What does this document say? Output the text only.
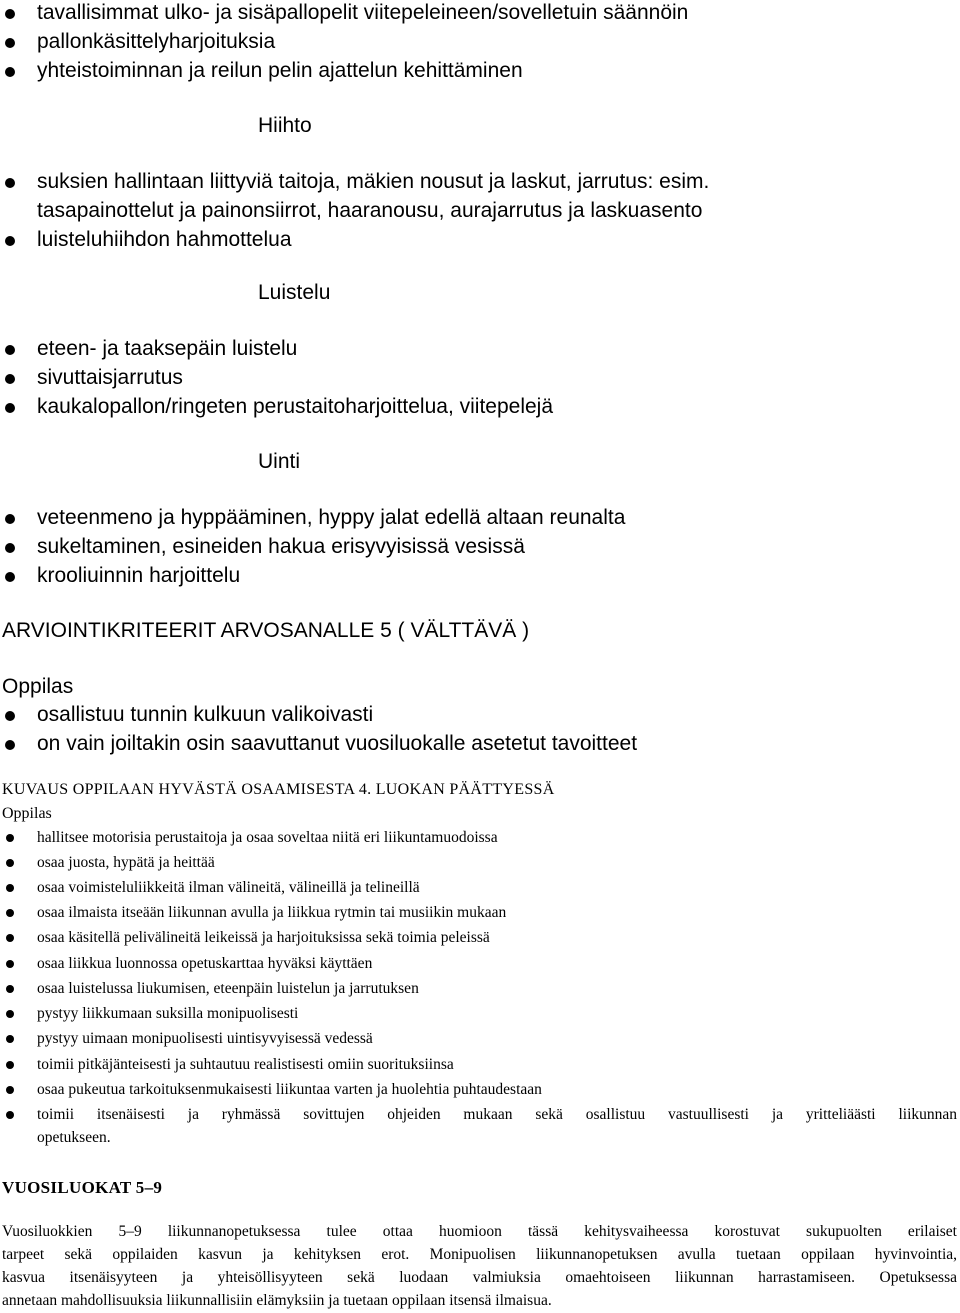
tavallisimmat ulko- ja sisäpallopelit viitepeleineen/sovelletuin säännöin
pallonkäsittelyharjoituksia
yhteistoiminnan ja reilun pelin ajattelun kehittäminen
Hiihto
suksien hallintaan liittyviä taitoja, mäkien nousut ja laskut, jarrutus: esim.
tasapainottelut ja painonsiirrot, haaranousu, aurajarrutus ja laskuasento
luisteluhiihdon hahmottelua
Luistelu
eteen- ja taaksepäin luistelu
sivuttaisjarrutus
kaukalopallon/ringeten perustaitoharjoittelua, viitepelejä
Uinti
veteenmeno ja hyppääminen, hyppy jalat edellä altaan reunalta
sukeltaminen, esineiden hakua erisyvyisissä vesissä
krooliuinnin harjoittelu
ARVIOINTIKRITEERIT ARVOSANALLE 5 ( VÄLTTÄVÄ )
Oppilas
osallistuu tunnin kulkuun valikoivasti
on vain joiltakin osin saavuttanut vuosiluokalle asetetut tavoitteet
KUVAUS OPPILAAN HYVÄSTÄ OSAAMISESTA 4. LUOKAN PÄÄTTYESSÄ
Oppilas
hallitsee motorisia perustaitoja ja osaa soveltaa niitä eri liikuntamuodoissa
osaa juosta, hypätä ja heittää
osaa voimisteluliikkeitä ilman välineitä, välineillä ja telineillä
osaa ilmaista itseään liikunnan avulla ja liikkua rytmin tai musiikin mukaan
osaa käsitellä pelivälineitä leikeissä ja harjoituksissa sekä toimia peleissä
osaa liikkua luonnossa opetuskarttaa hyväksi käyttäen
osaa luistelussa liukumisen, eteenpäin luistelun ja jarrutuksen
pystyy liikkumaan suksilla monipuolisesti
pystyy uimaan monipuolisesti uintisyvyisessä vedessä
toimii pitkäjänteisesti ja suhtautuu realistisesti omiin suorituksiinsa
osaa pukeutua tarkoituksenmukaisesti liikuntaa varten ja huolehtia puhtaudestaan
toimii itsenäisesti ja ryhmässä sovittujen ohjeiden mukaan sekä osallistuu vastuullisesti ja yritteliäästi liikunnan
opetukseen.
VUOSILUOKAT 5–9
Vuosiluokkien 5–9 liikunnanopetuksessa tulee ottaa huomioon tässä kehitysvaiheessa korostuvat sukupuolten erilaiset
tarpeet sekä oppilaiden kasvun ja kehityksen erot. Monipuolisen liikunnanopetuksen avulla tuetaan oppilaan hyvinvointia,
kasvua itsenäisyyteen ja yhteisöllisyyteen sekä luodaan valmiuksia omaehtoiseen liikunnan harrastamiseen. Opetuksessa
annetaan mahdollisuuksia liikunnallisiin elämyksiin ja tuetaan oppilaan itsensä ilmaisua.
